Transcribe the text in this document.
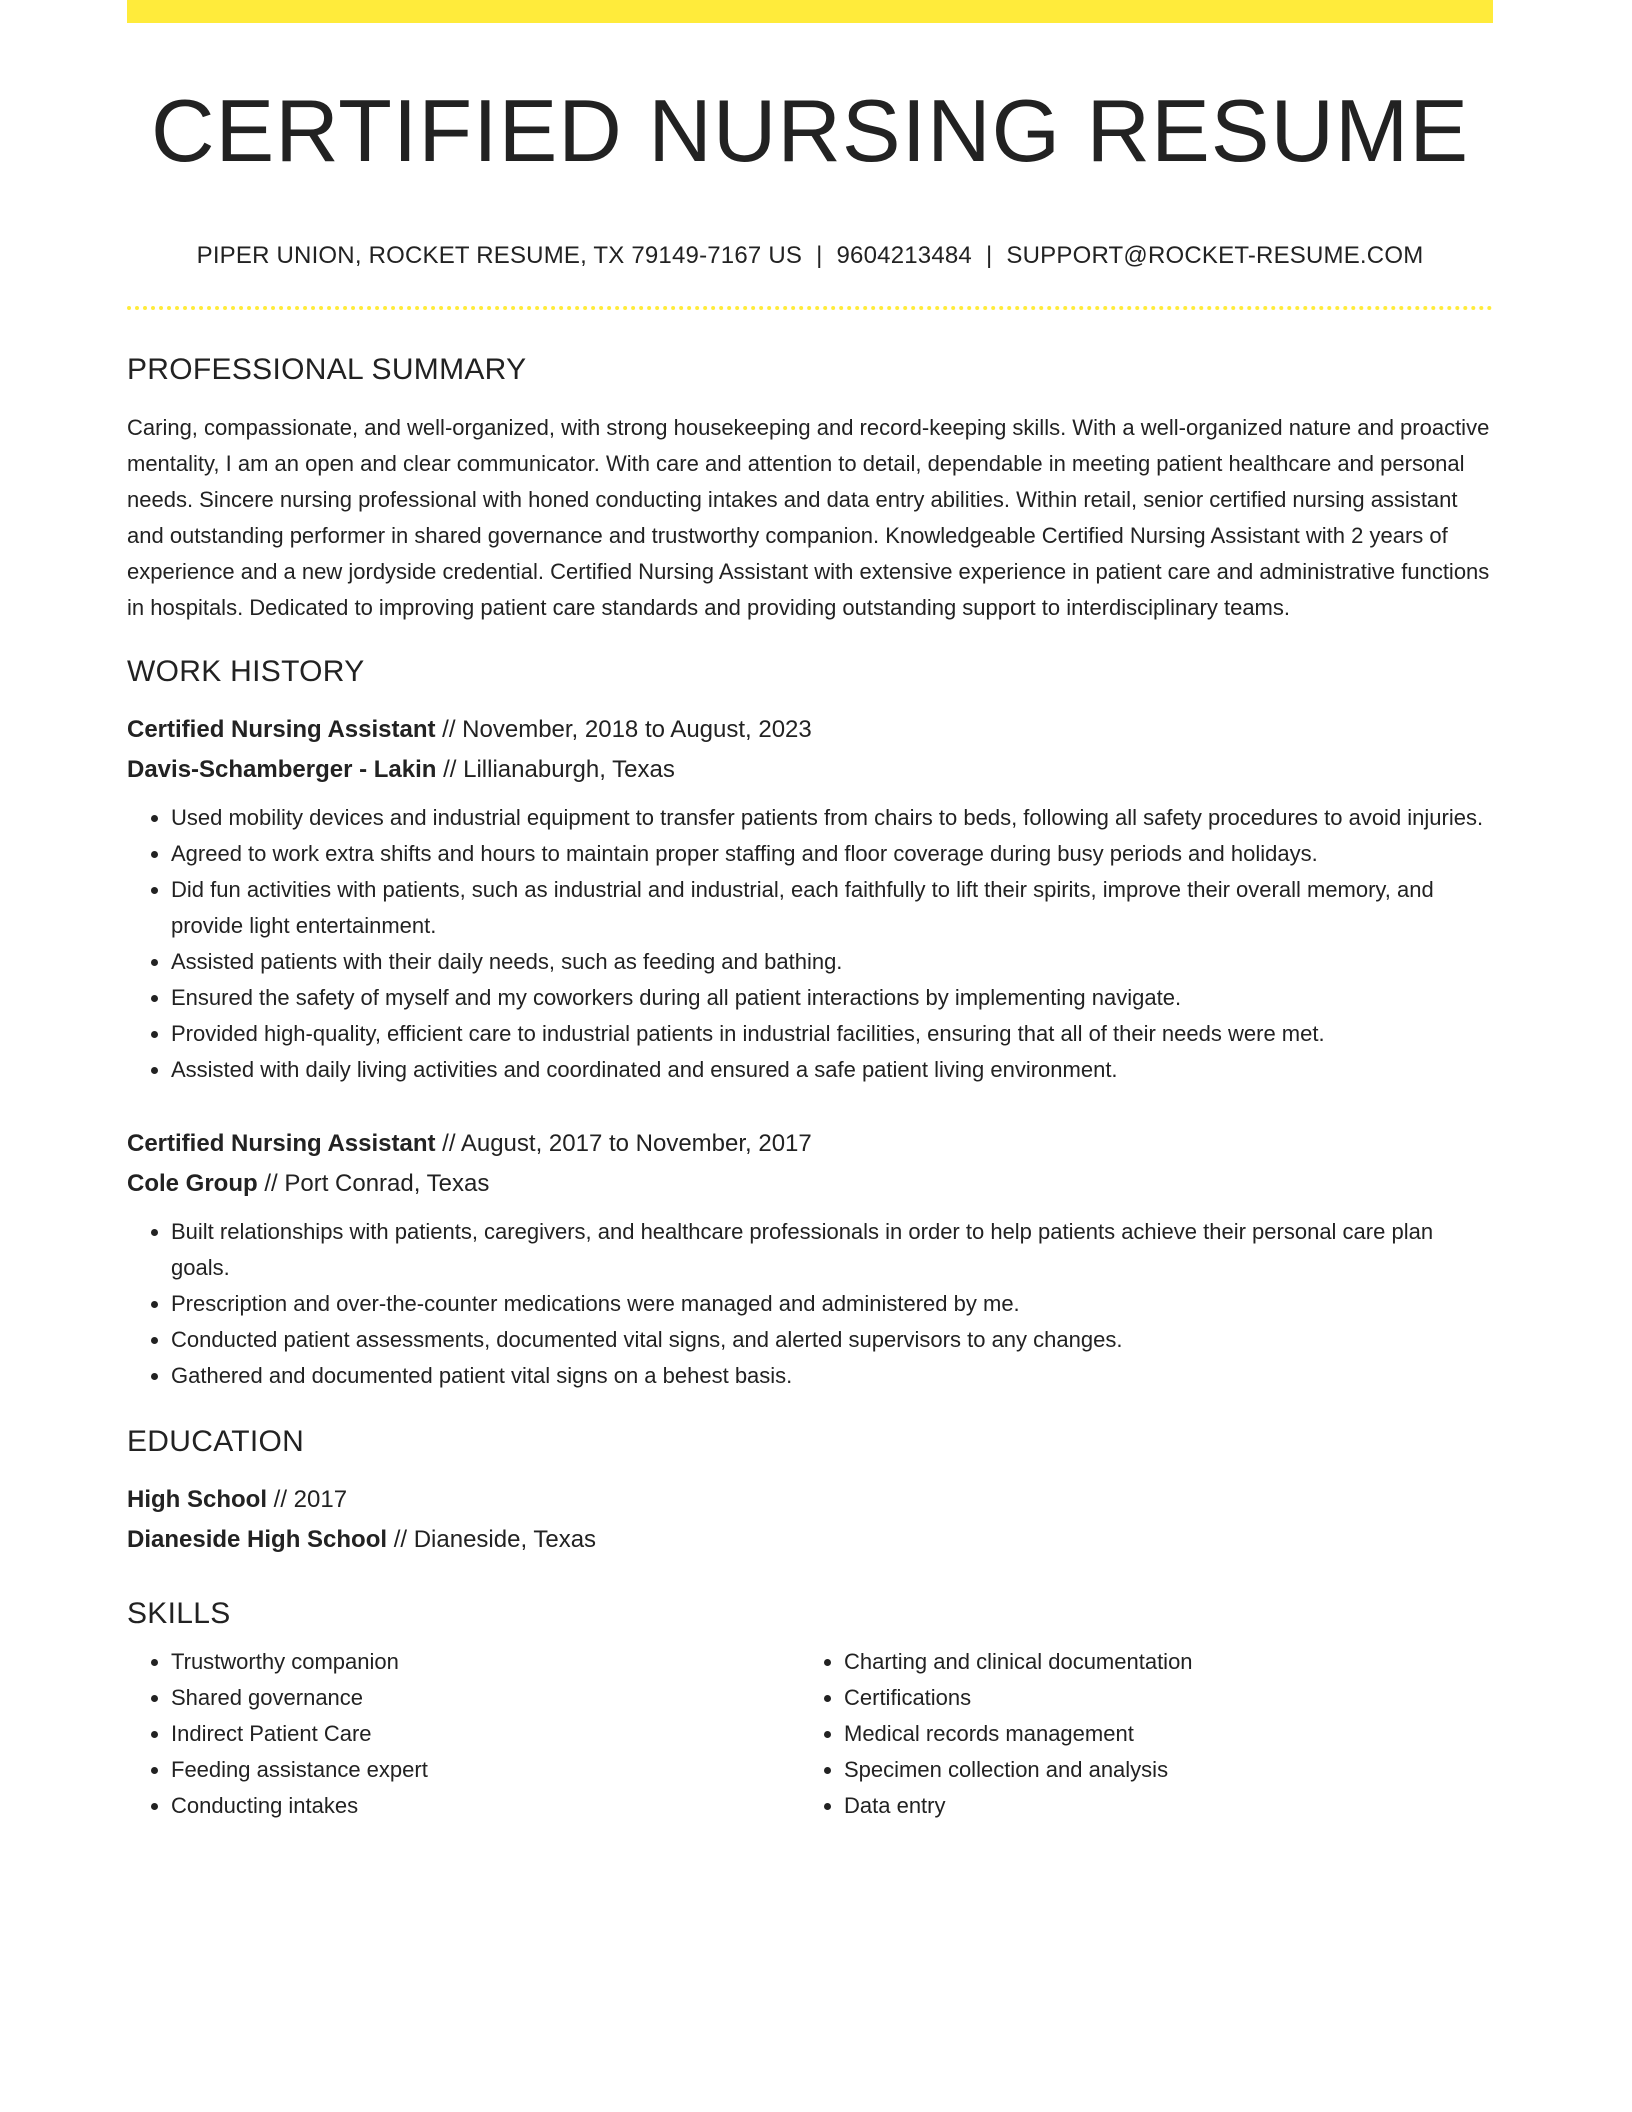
CERTIFIED NURSING RESUME
PIPER UNION, ROCKET RESUME, TX 79149-7167 US | 9604213484 | SUPPORT@ROCKET-RESUME.COM
PROFESSIONAL SUMMARY

Caring, compassionate, and well-organized, with strong housekeeping and record-keeping skills. With a well-organized nature and proactive mentality, I am an open and clear communicator. With care and attention to detail, dependable in meeting patient healthcare and personal needs. Sincere nursing professional with honed conducting intakes and data entry abilities. Within retail, senior certified nursing assistant and outstanding performer in shared governance and trustworthy companion. Knowledgeable Certified Nursing Assistant with 2 years of experience and a new jordyside credential. Certified Nursing Assistant with extensive experience in patient care and administrative functions in hospitals. Dedicated to improving patient care standards and providing outstanding support to interdisciplinary teams.

WORK HISTORY
Certified Nursing Assistant // November, 2018 to August, 2023
Davis-Schamberger - Lakin // Lillianaburgh, Texas
• Used mobility devices and industrial equipment to transfer patients from chairs to beds, following all safety procedures to avoid injuries.
• Agreed to work extra shifts and hours to maintain proper staffing and floor coverage during busy periods and holidays.
• Did fun activities with patients, such as industrial and industrial, each faithfully to lift their spirits, improve their overall memory, and provide light entertainment.
• Assisted patients with their daily needs, such as feeding and bathing.
• Ensured the safety of myself and my coworkers during all patient interactions by implementing navigate.
• Provided high-quality, efficient care to industrial patients in industrial facilities, ensuring that all of their needs were met.
• Assisted with daily living activities and coordinated and ensured a safe patient living environment.
Certified Nursing Assistant // August, 2017 to November, 2017
Cole Group // Port Conrad, Texas
• Built relationships with patients, caregivers, and healthcare professionals in order to help patients achieve their personal care plan goals.
• Prescription and over-the-counter medications were managed and administered by me.
• Conducted patient assessments, documented vital signs, and alerted supervisors to any changes.
• Gathered and documented patient vital signs on a behest basis.
EDUCATION
High School // 2017
Dianeside High School // Dianeside, Texas
SKILLS
• Trustworthy companion
• Shared governance
• Indirect Patient Care
• Feeding assistance expert
• Conducting intakes
• Charting and clinical documentation
• Certifications
• Medical records management
• Specimen collection and analysis
• Data entry
